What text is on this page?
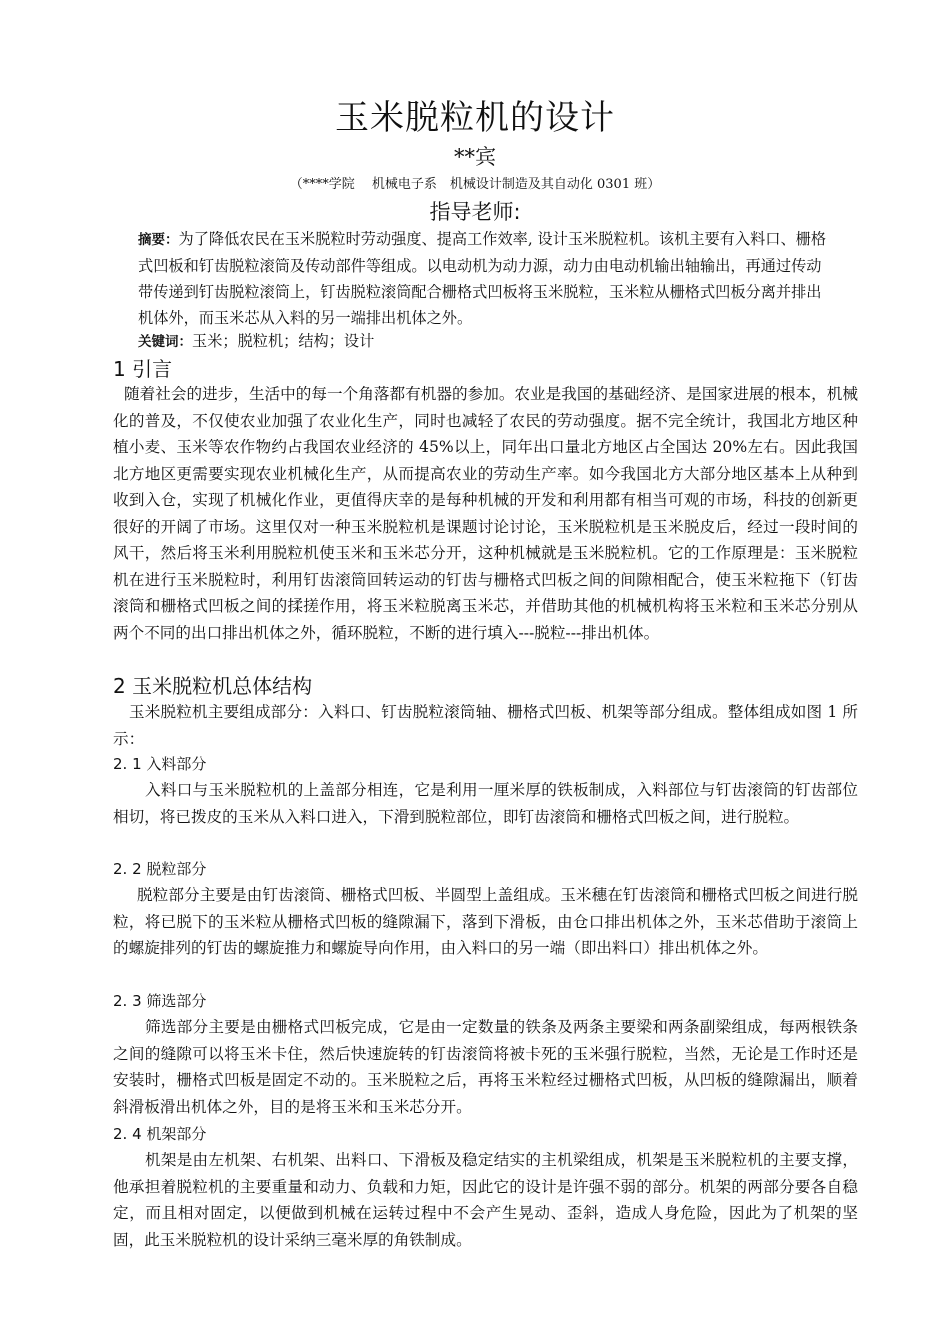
玉米脱粒机的设计
**宾
（****学院　 机械电子系　机械设计制造及其自动化 0301 班）
指导老师:
摘要：为了降低农民在玉米脱粒时劳动强度、提高工作效率, 设计玉米脱粒机。该机主要有入料口、栅格式凹板和钉齿脱粒滚筒及传动部件等组成。以电动机为动力源，动力由电动机输出轴输出，再通过传动带传递到钉齿脱粒滚筒上，钉齿脱粒滚筒配合栅格式凹板将玉米脱粒，玉米粒从栅格式凹板分离并排出机体外，而玉米芯从入料的另一端排出机体之外。
关键词：玉米；脱粒机；结构；设计
1 引言
随着社会的进步，生活中的每一个角落都有机器的参加。农业是我国的基础经济、是国家进展的根本，机械化的普及，不仅使农业加强了农业化生产，同时也减轻了农民的劳动强度。据不完全统计，我国北方地区种植小麦、玉米等农作物约占我国农业经济的 45%以上，同年出口量北方地区占全国达 20%左右。因此我国北方地区更需要实现农业机械化生产，从而提高农业的劳动生产率。如今我国北方大部分地区基本上从种到收到入仓，实现了机械化作业，更值得庆幸的是每种机械的开发和利用都有相当可观的市场，科技的创新更很好的开阔了市场。这里仅对一种玉米脱粒机是课题讨论讨论，玉米脱粒机是玉米脱皮后，经过一段时间的风干，然后将玉米利用脱粒机使玉米和玉米芯分开，这种机械就是玉米脱粒机。它的工作原理是：玉米脱粒机在进行玉米脱粒时，利用钉齿滚筒回转运动的钉齿与栅格式凹板之间的间隙相配合，使玉米粒拖下（钉齿滚筒和栅格式凹板之间的揉搓作用，将玉米粒脱离玉米芯，并借助其他的机械机构将玉米粒和玉米芯分别从两个不同的出口排出机体之外，循环脱粒，不断的进行填入---脱粒---排出机体。
2 玉米脱粒机总体结构
玉米脱粒机主要组成部分：入料口、钉齿脱粒滚筒轴、栅格式凹板、机架等部分组成。整体组成如图 1 所示：
2. 1 入料部分
入料口与玉米脱粒机的上盖部分相连，它是利用一厘米厚的铁板制成，入料部位与钉齿滚筒的钉齿部位相切，将已拨皮的玉米从入料口进入，下滑到脱粒部位，即钉齿滚筒和栅格式凹板之间，进行脱粒。
2. 2 脱粒部分
脱粒部分主要是由钉齿滚筒、栅格式凹板、半圆型上盖组成。玉米穗在钉齿滚筒和栅格式凹板之间进行脱粒，将已脱下的玉米粒从栅格式凹板的缝隙漏下，落到下滑板，由仓口排出机体之外，玉米芯借助于滚筒上的螺旋排列的钉齿的螺旋推力和螺旋导向作用，由入料口的另一端（即出料口）排出机体之外。
2. 3 筛选部分
筛选部分主要是由栅格式凹板完成，它是由一定数量的铁条及两条主要梁和两条副梁组成，每两根铁条之间的缝隙可以将玉米卡住，然后快速旋转的钉齿滚筒将被卡死的玉米强行脱粒，当然，无论是工作时还是安装时，栅格式凹板是固定不动的。玉米脱粒之后，再将玉米粒经过栅格式凹板，从凹板的缝隙漏出，顺着斜滑板滑出机体之外，目的是将玉米和玉米芯分开。
2. 4 机架部分
机架是由左机架、右机架、出料口、下滑板及稳定结实的主机梁组成，机架是玉米脱粒机的主要支撑，他承担着脱粒机的主要重量和动力、负载和力矩，因此它的设计是许强不弱的部分。机架的两部分要各自稳定，而且相对固定，以便做到机械在运转过程中不会产生晃动、歪斜，造成人身危险，因此为了机架的坚固，此玉米脱粒机的设计采纳三毫米厚的角铁制成。
